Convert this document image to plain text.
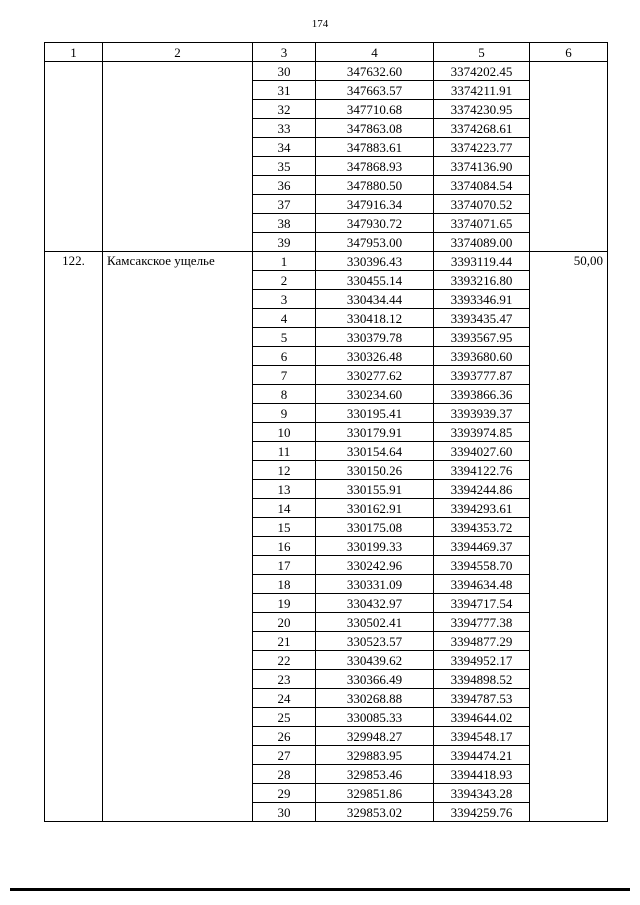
174
1	2	3	4	5	6
		30	347632.60	3374202.45	
		31	347663.57	3374211.91	
		32	347710.68	3374230.95	
		33	347863.08	3374268.61	
		34	347883.61	3374223.77	
		35	347868.93	3374136.90	
		36	347880.50	3374084.54	
		37	347916.34	3374070.52	
		38	347930.72	3374071.65	
		39	347953.00	3374089.00	
122.	Камсакское ущелье	1	330396.43	3393119.44	50,00
		2	330455.14	3393216.80	
		3	330434.44	3393346.91	
		4	330418.12	3393435.47	
		5	330379.78	3393567.95	
		6	330326.48	3393680.60	
		7	330277.62	3393777.87	
		8	330234.60	3393866.36	
		9	330195.41	3393939.37	
		10	330179.91	3393974.85	
		11	330154.64	3394027.60	
		12	330150.26	3394122.76	
		13	330155.91	3394244.86	
		14	330162.91	3394293.61	
		15	330175.08	3394353.72	
		16	330199.33	3394469.37	
		17	330242.96	3394558.70	
		18	330331.09	3394634.48	
		19	330432.97	3394717.54	
		20	330502.41	3394777.38	
		21	330523.57	3394877.29	
		22	330439.62	3394952.17	
		23	330366.49	3394898.52	
		24	330268.88	3394787.53	
		25	330085.33	3394644.02	
		26	329948.27	3394548.17	
		27	329883.95	3394474.21	
		28	329853.46	3394418.93	
		29	329851.86	3394343.28	
		30	329853.02	3394259.76	
